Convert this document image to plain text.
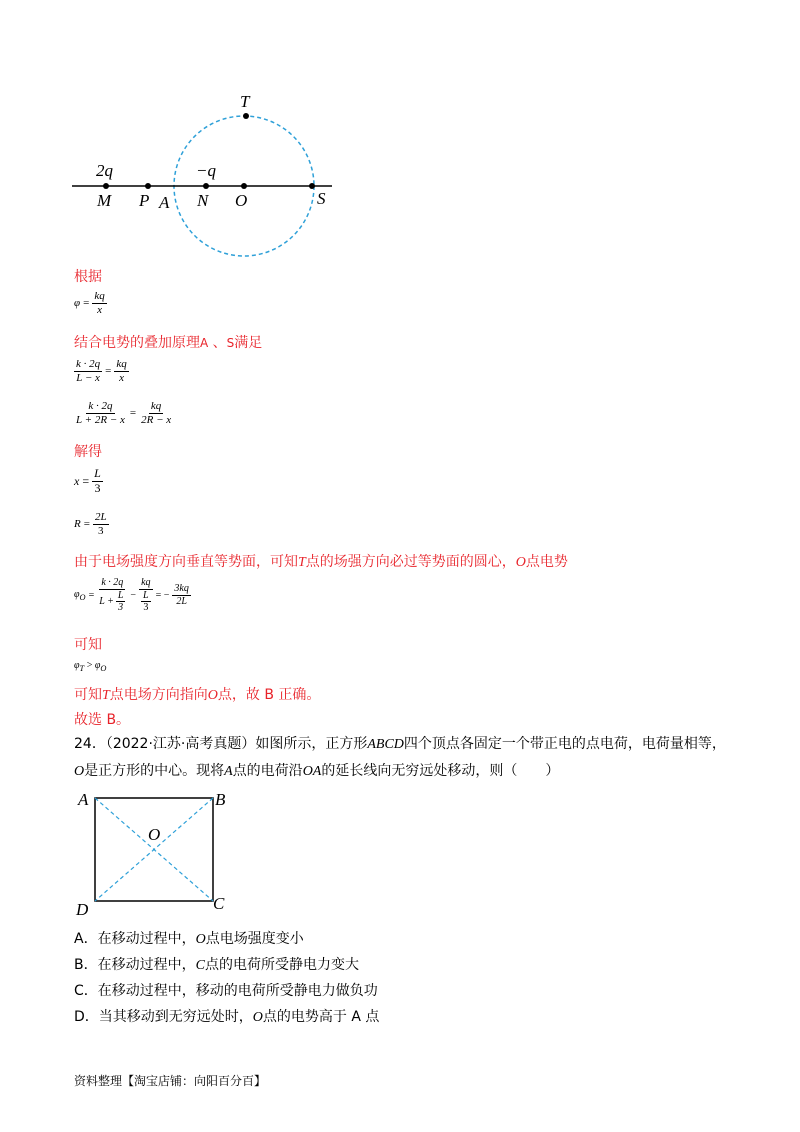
T
2q
M P A
−q
N O	S
根据
$\varphi = \frac{kq}{x}$
结合电势的叠加原理A 、S满足
$\frac{k \cdot 2q}{L - x} = \frac{kq}{x}$
$\frac{k \cdot 2q}{L + 2R - x} = \frac{kq}{2R - x}$
解得
$x = \frac{L}{3}$
$R = \frac{2L}{3}$
由于电场强度方向垂直等势面，可知T点的场强方向必过等势面的圆心，O点电势
$\varphi_O = \frac{k \cdot 2q}{L + \frac{L}{3}} - \frac{kq}{\frac{L}{3}}$ = − $\frac{3kq}{2L}$
可知
$\varphi_T > \varphi_O$
可知T点电场方向指向O点，故 B 正确。
故选 B。
24．（2022·江苏·高考真题）如图所示，正方形ABCD四个顶点各固定一个带正电的点电荷，电荷量相等，
O是正方形的中心。现将A点的电荷沿OA的延长线向无穷远处移动，则（　　）
A	B
C
D
O
A．在移动过程中，O点电场强度变小
B．在移动过程中，C点的电荷所受静电力变大
C．在移动过程中，移动的电荷所受静电力做负功
D．当其移动到无穷远处时，O点的电势高于 A 点
资料整理【淘宝店铺：向阳百分百】
